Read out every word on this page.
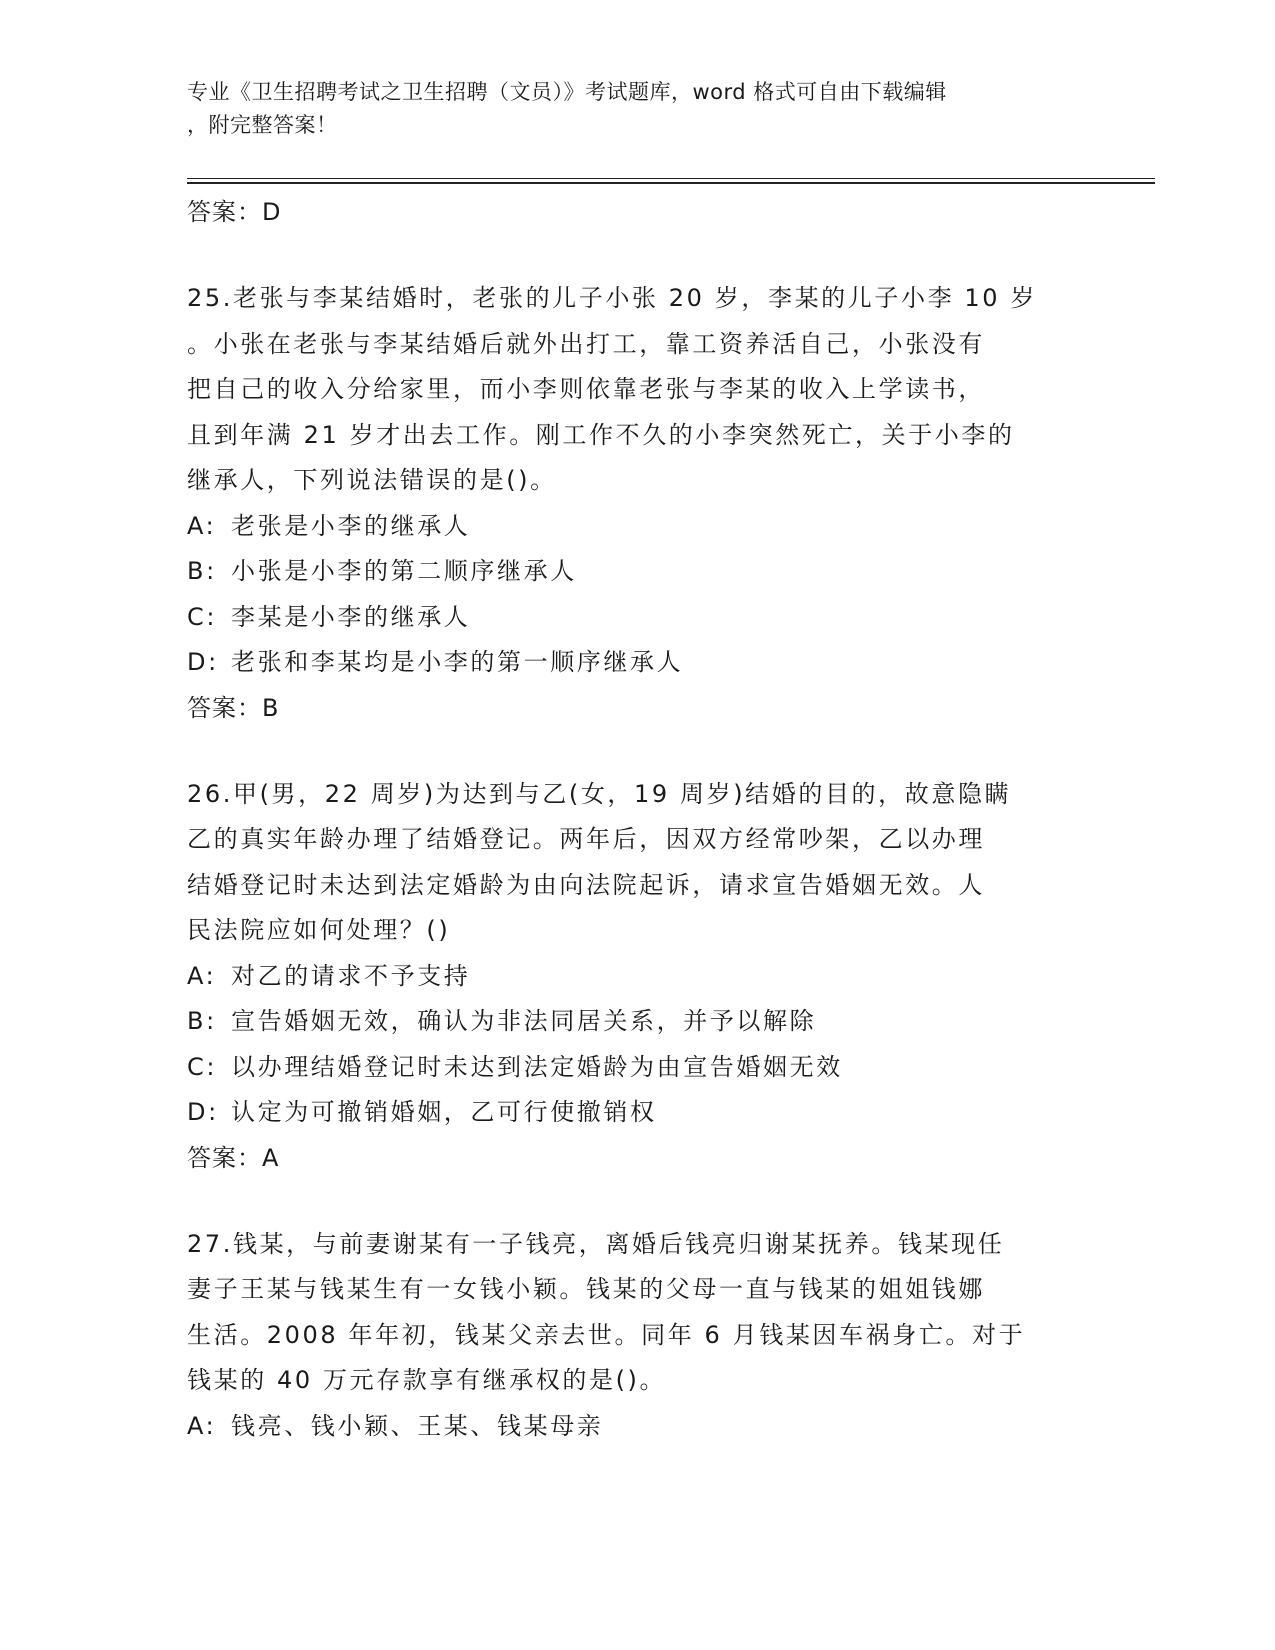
专业《卫生招聘考试之卫生招聘（文员）》考试题库，word 格式可自由下载编辑
，附完整答案！
答案：D
25.老张与李某结婚时，老张的儿子小张 20 岁，李某的儿子小李 10 岁
。小张在老张与李某结婚后就外出打工，靠工资养活自己，小张没有
把自己的收入分给家里，而小李则依靠老张与李某的收入上学读书，
且到年满 21 岁才出去工作。刚工作不久的小李突然死亡，关于小李的
继承人，下列说法错误的是()。
A: 老张是小李的继承人
B: 小张是小李的第二顺序继承人
C: 李某是小李的继承人
D: 老张和李某均是小李的第一顺序继承人
答案：B
26.甲(男，22 周岁)为达到与乙(女，19 周岁)结婚的目的，故意隐瞒
乙的真实年龄办理了结婚登记。两年后，因双方经常吵架，乙以办理
结婚登记时未达到法定婚龄为由向法院起诉，请求宣告婚姻无效。人
民法院应如何处理？()
A: 对乙的请求不予支持
B: 宣告婚姻无效，确认为非法同居关系，并予以解除
C: 以办理结婚登记时未达到法定婚龄为由宣告婚姻无效
D: 认定为可撤销婚姻，乙可行使撤销权
答案：A
27.钱某，与前妻谢某有一子钱亮，离婚后钱亮归谢某抚养。钱某现任
妻子王某与钱某生有一女钱小颖。钱某的父母一直与钱某的姐姐钱娜
生活。2008 年年初，钱某父亲去世。同年 6 月钱某因车祸身亡。对于
钱某的 40 万元存款享有继承权的是()。
A: 钱亮、钱小颖、王某、钱某母亲
